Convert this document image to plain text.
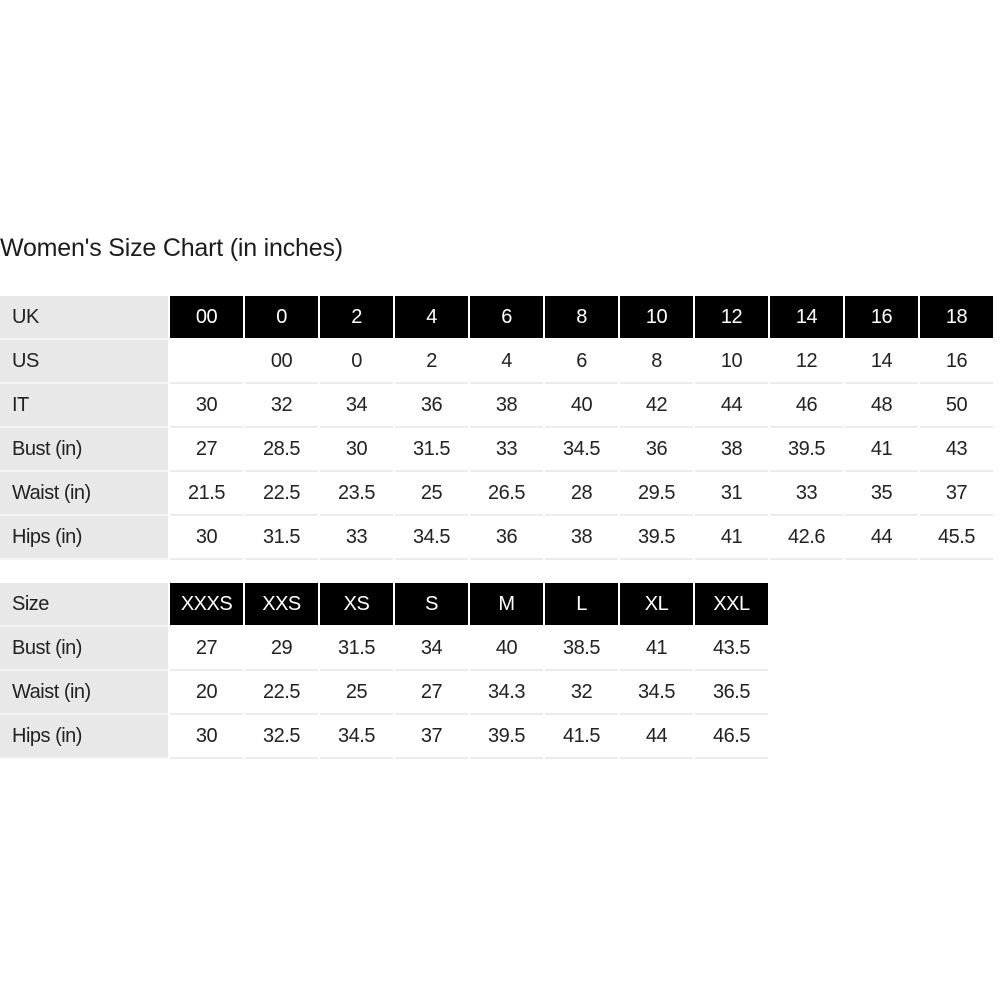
Women's Size Chart (in inches)
UK	00	0	2	4	6	8	10	12	14	16	18
US		00	0	2	4	6	8	10	12	14	16
IT	30	32	34	36	38	40	42	44	46	48	50
Bust (in)	27	28.5	30	31.5	33	34.5	36	38	39.5	41	43
Waist (in)	21.5	22.5	23.5	25	26.5	28	29.5	31	33	35	37
Hips (in)	30	31.5	33	34.5	36	38	39.5	41	42.6	44	45.5
Size	XXXS	XXS	XS	S	M	L	XL	XXL
Bust (in)	27	29	31.5	34	40	38.5	41	43.5
Waist (in)	20	22.5	25	27	34.3	32	34.5	36.5
Hips (in)	30	32.5	34.5	37	39.5	41.5	44	46.5
